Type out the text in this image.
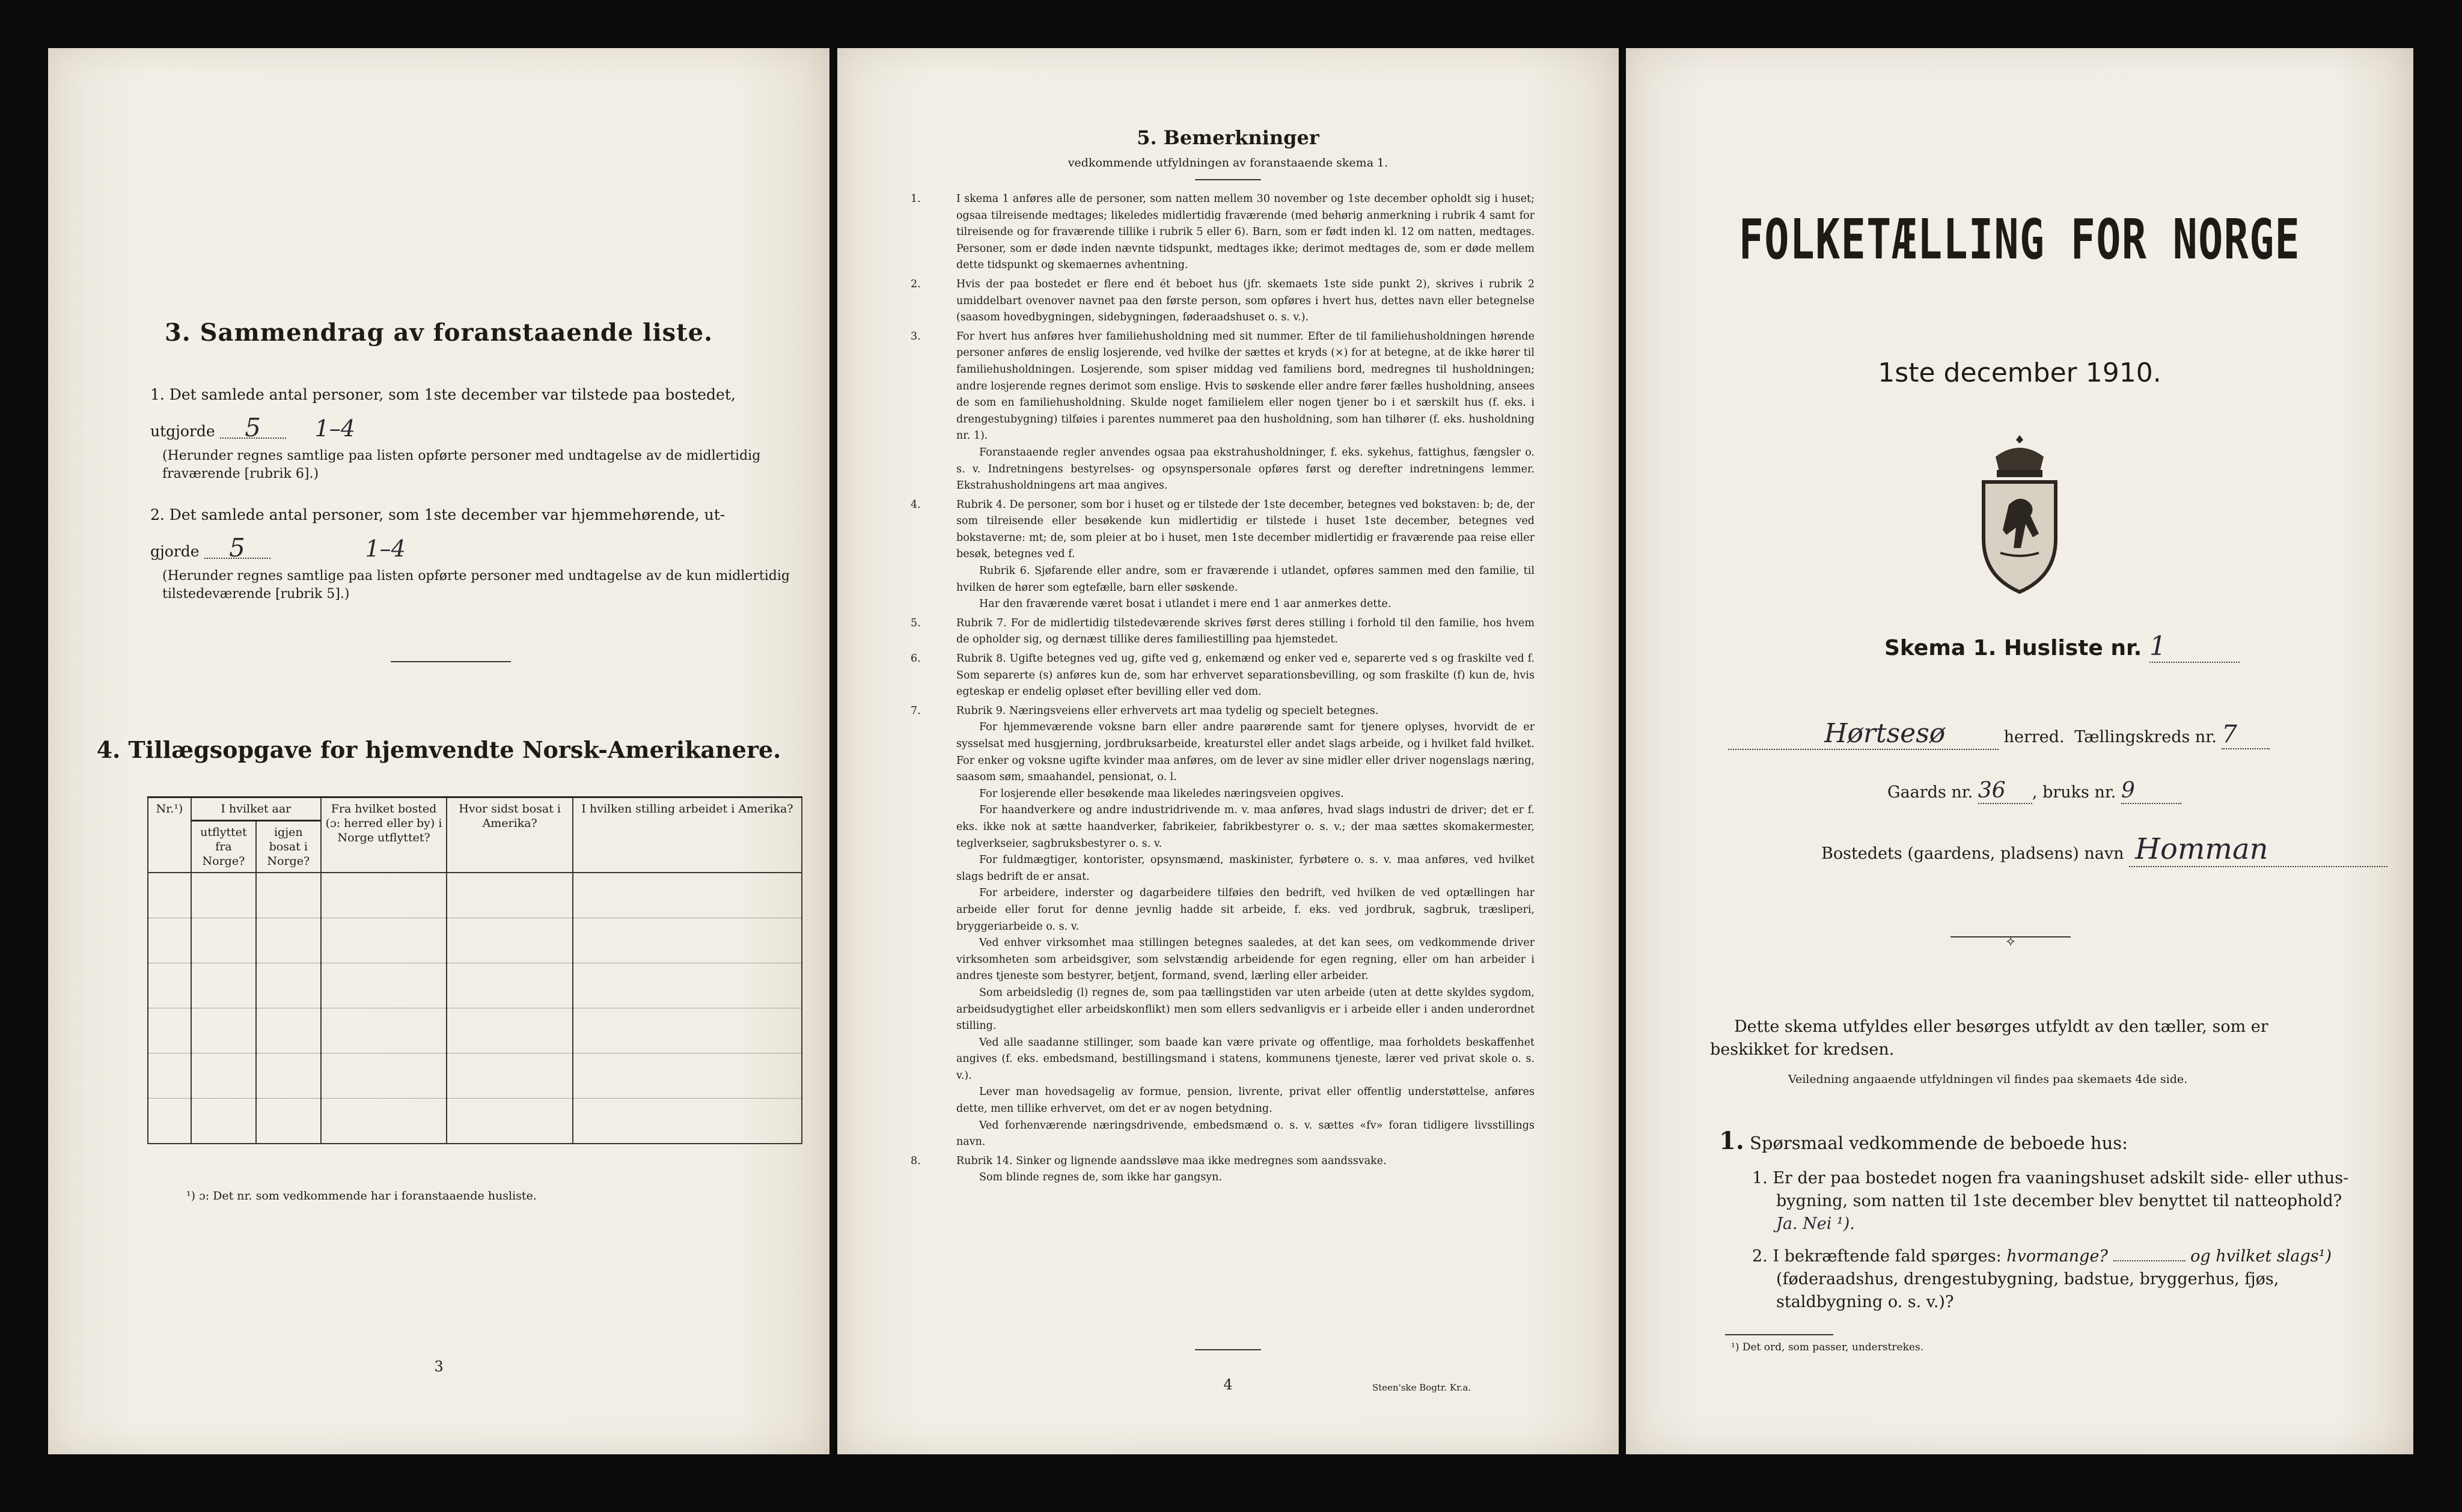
3. Sammendrag av foranstaaende liste.
1. Det samlede antal personer, som 1ste december var tilstede paa bostedet,
utgjorde 5 1–4
(Herunder regnes samtlige paa listen opførte personer med undtagelse av de midlertidig fraværende [rubrik 6].)
2. Det samlede antal personer, som 1ste december var hjemmehørende, ut-
gjorde 5	1–4
(Herunder regnes samtlige paa listen opførte personer med undtagelse av de kun midlertidig tilstedeværende [rubrik 5].)
4. Tillægsopgave for hjemvendte Norsk-Amerikanere.
Nr.¹)	I hvilket aar		Fra hvilket bosted (ɔ: herred eller by) i Norge utflyttet?	Hvor sidst bosat i Amerika?	I hvilken stilling arbeidet i Amerika?
	utflyttet fra Norge?	igjen bosat i Norge?			

¹) ɔ: Det nr. som vedkommende har i foranstaaende husliste.
3
5. Bemerkninger
vedkommende utfyldningen av foranstaaende skema 1.

1.	I skema 1 anføres alle de personer, som natten mellem 30 november og 1ste december opholdt sig i huset; ogsaa tilreisende medtages; likeledes midlertidig fraværende (med behørig anmerkning i rubrik 4 samt for tilreisende og for fraværende tillike i rubrik 5 eller 6). Barn, som er født inden kl. 12 om natten, medtages. Personer, som er døde inden nævnte tidspunkt, medtages ikke; derimot medtages de, som er døde mellem dette tidspunkt og skemaernes avhentning.

2.	Hvis der paa bostedet er flere end ét beboet hus (jfr. skemaets 1ste side punkt 2), skrives i rubrik 2 umiddelbart ovenover navnet paa den første person, som opføres i hvert hus, dettes navn eller betegnelse (saasom hovedbygningen, sidebygningen, føderaadshuset o. s. v.).

3.	For hvert hus anføres hver familiehusholdning med sit nummer. Efter de til familiehusholdningen hørende personer anføres de enslig losjerende, ved hvilke der sættes et kryds (×) for at betegne, at de ikke hører til familiehusholdningen. Losjerende, som spiser middag ved familiens bord, medregnes til husholdningen; andre losjerende regnes derimot som enslige. Hvis to søskende eller andre fører fælles husholdning, ansees de som en familiehusholdning. Skulde noget familielem eller nogen tjener bo i et særskilt hus (f. eks. i drengestubygning) tilføies i parentes nummeret paa den husholdning, som han tilhører (f. eks. husholdning nr. 1).

Foranstaaende regler anvendes ogsaa paa ekstrahusholdninger, f. eks. sykehus, fattighus, fængsler o. s. v. Indretningens bestyrelses- og opsynspersonale opføres først og derefter indretningens lemmer. Ekstrahusholdningens art maa angives.

4.	Rubrik 4. De personer, som bor i huset og er tilstede der 1ste december, betegnes ved bokstaven: b; de, der som tilreisende eller besøkende kun midlertidig er tilstede i huset 1ste december, betegnes ved bokstaverne: mt; de, som pleier at bo i huset, men 1ste december midlertidig er fraværende paa reise eller besøk, betegnes ved f.

Rubrik 6. Sjøfarende eller andre, som er fraværende i utlandet, opføres sammen med den familie, til hvilken de hører som egtefælle, barn eller søskende.

Har den fraværende været bosat i utlandet i mere end 1 aar anmerkes dette.

5.	Rubrik 7. For de midlertidig tilstedeværende skrives først deres stilling i forhold til den familie, hos hvem de opholder sig, og dernæst tillike deres familiestilling paa hjemstedet.

6.	Rubrik 8. Ugifte betegnes ved ug, gifte ved g, enkemænd og enker ved e, separerte ved s og fraskilte ved f. Som separerte (s) anføres kun de, som har erhvervet separationsbevilling, og som fraskilte (f) kun de, hvis egteskap er endelig opløset efter bevilling eller ved dom.

7.	Rubrik 9. Næringsveiens eller erhvervets art maa tydelig og specielt betegnes.

For hjemmeværende voksne barn eller andre paarørende samt for tjenere oplyses, hvorvidt de er sysselsat med husgjerning, jordbruksarbeide, kreaturstel eller andet slags arbeide, og i hvilket fald hvilket. For enker og voksne ugifte kvinder maa anføres, om de lever av sine midler eller driver nogenslags næring, saasom søm, smaahandel, pensionat, o. l.

For losjerende eller besøkende maa likeledes næringsveien opgives.

For haandverkere og andre industridrivende m. v. maa anføres, hvad slags industri de driver; det er f. eks. ikke nok at sætte haandverker, fabrikeier, fabrikbestyrer o. s. v.; der maa sættes skomakermester, teglverkseier, sagbruksbestyrer o. s. v.

For fuldmægtiger, kontorister, opsynsmænd, maskinister, fyrbøtere o. s. v. maa anføres, ved hvilket slags bedrift de er ansat.

For arbeidere, inderster og dagarbeidere tilføies den bedrift, ved hvilken de ved optællingen har arbeide eller forut for denne jevnlig hadde sit arbeide, f. eks. ved jordbruk, sagbruk, træsliperi, bryggeriarbeide o. s. v.

Ved enhver virksomhet maa stillingen betegnes saaledes, at det kan sees, om vedkommende driver virksomheten som arbeidsgiver, som selvstændig arbeidende for egen regning, eller om han arbeider i andres tjeneste som bestyrer, betjent, formand, svend, lærling eller arbeider.

Som arbeidsledig (l) regnes de, som paa tællingstiden var uten arbeide (uten at dette skyldes sygdom, arbeidsudygtighet eller arbeidskonflikt) men som ellers sedvanligvis er i arbeide eller i anden underordnet stilling.

Ved alle saadanne stillinger, som baade kan være private og offentlige, maa forholdets beskaffenhet angives (f. eks. embedsmand, bestillingsmand i statens, kommunens tjeneste, lærer ved privat skole o. s. v.).

Lever man hovedsagelig av formue, pension, livrente, privat eller offentlig understøttelse, anføres dette, men tillike erhvervet, om det er av nogen betydning.

Ved forhenværende næringsdrivende, embedsmænd o. s. v. sættes «fv» foran tidligere livsstillings navn.

8.	Rubrik 14. Sinker og lignende aandssløve maa ikke medregnes som aandssvake.

Som blinde regnes de, som ikke har gangsyn.

4	Steen'ske Bogtr. Kr.a.
FOLKETÆLLING FOR NORGE
1ste december 1910.
Skema 1. Husliste nr. 1
Hørtsesø	herred. Tællingskreds nr. 7
Gaards nr. 36 , bruks nr. 9
Bostedets (gaardens, pladsens) navn Homman
⟡
Dette skema utfyldes eller besørges utfyldt av den tæller, som er beskikket for kredsen.
Veiledning angaaende utfyldningen vil findes paa skemaets 4de side.
1. Spørsmaal vedkommende de beboede hus:
1. Er der paa bostedet nogen fra vaaningshuset adskilt side- eller uthus-bygning, som natten til 1ste december blev benyttet til natteophold? Ja. Nei ¹).
2. I bekræftende fald spørges: hvormange?	og hvilket slags¹) (føderaadshus, drengestubygning, badstue, bryggerhus, fjøs, staldbygning o. s. v.)?
¹) Det ord, som passer, understrekes.
